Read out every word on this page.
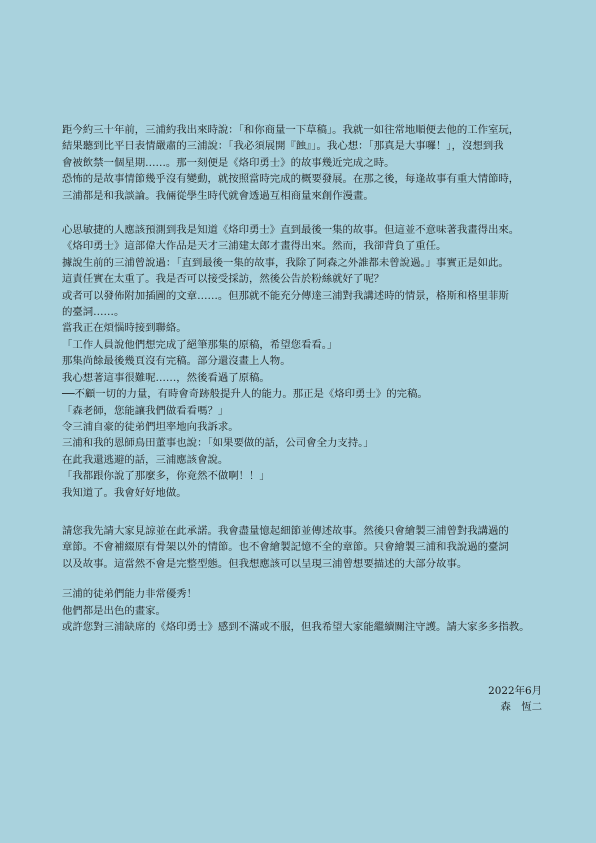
距今約三十年前，三浦約我出來時說：「和你商量一下草稿」。我就一如往常地順便去他的工作室玩，

結果聽到比平日表情嚴肅的三浦說：「我必須展開『蝕』」。我心想：「那真是大事囉！」，沒想到我

會被飲禁一個星期……。那一刻便是《烙印勇士》的故事幾近完成之時。

恐怖的是故事情節幾乎沒有變動，就按照當時完成的概要發展。在那之後，每逢故事有重大情節時，

三浦都是和我談論。我倆從學生時代就會透過互相商量來創作漫畫。

心思敏捷的人應該預測到我是知道《烙印勇士》直到最後一集的故事。但這並不意味著我畫得出來。

《烙印勇士》這部偉大作品是天才三浦建太郎才畫得出來。然而，我卻背負了重任。

據說生前的三浦曾說過：「直到最後一集的故事，我除了阿森之外誰都未曾說過。」事實正是如此。

這責任實在太重了。我是否可以接受採訪，然後公告於粉絲就好了呢？

或者可以發佈附加插圖的文章……。但那就不能充分傳達三浦對我講述時的情景，格斯和格里菲斯

的臺詞……。

當我正在煩惱時接到聯絡。

「工作人員說他們想完成了絕筆那集的原稿，希望您看看。」

那集尚餘最後幾頁沒有完稿。部分還沒畫上人物。

我心想著這事很難呢……，然後看過了原稿。

──不顧一切的力量，有時會奇跡般提升人的能力。那正是《烙印勇士》的完稿。

「森老師，您能讓我們做看看嗎？」

令三浦自豪的徒弟們坦率地向我訴求。

三浦和我的恩師鳥田董事也說：「如果要做的話，公司會全力支持。」

在此我還逃避的話，三浦應該會說。

「我都跟你說了那麼多，你竟然不做啊！！」

我知道了。我會好好地做。

請您我先請大家見諒並在此承諾。我會盡量憶起細節並傳述故事。然後只會繪製三浦曾對我講過的

章節。不會補綴原有骨架以外的情節。也不會繪製記憶不全的章節。只會繪製三浦和我說過的臺詞

以及故事。這當然不會是完整型態。但我想應該可以呈現三浦曾想要描述的大部分故事。

三浦的徒弟們能力非常優秀！

他們都是出色的畫家。

或許您對三浦缺席的《烙印勇士》感到不滿或不服，但我希望大家能繼續關注守護。請大家多多指教。

2022年6月
森　恆二
